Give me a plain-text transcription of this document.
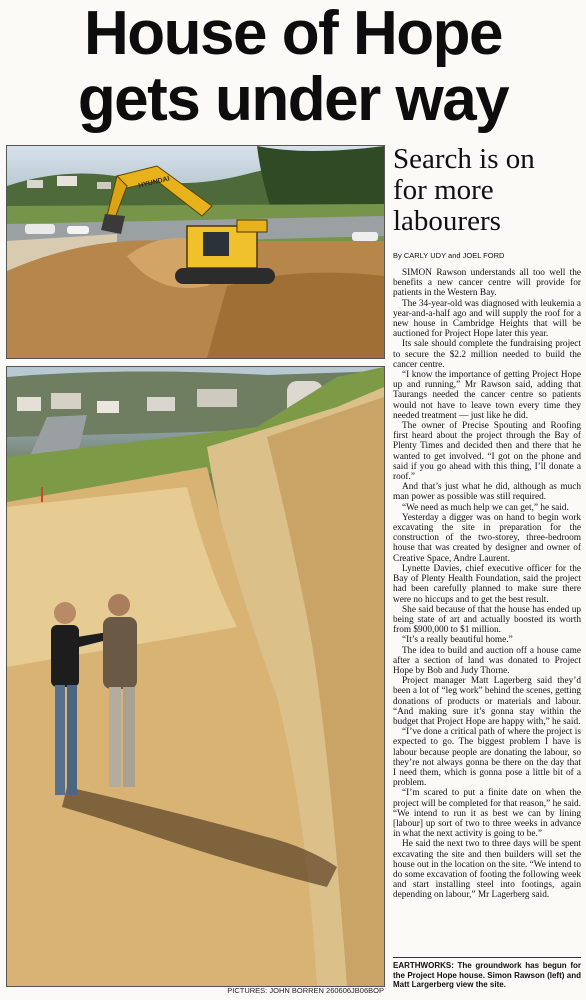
House of Hope
gets under way
HYUNDAI
PICTURES: JOHN BORREN 260606JB06BOP
Search is on
for more
labourers
By CARLY UDY and JOEL FORD

SIMON Rawson understands all too well the benefits a new cancer centre will provide for patients in the Western Bay.

The 34-year-old was diagnosed with leukemia a year-and-a-half ago and will supply the roof for a new house in Cambridge Heights that will be auctioned for Project Hope later this year.

Its sale should complete the fundraising project to secure the $2.2 million needed to build the cancer centre.

“I know the importance of getting Project Hope up and running,” Mr Rawson said, adding that Taurangs needed the cancer centre so patients would not have to leave town every time they needed treatment — just like he did.

The owner of Precise Spouting and Roofing first heard about the project through the Bay of Plenty Times and decided then and there that he wanted to get involved. “I got on the phone and said if you go ahead with this thing, I’ll donate a roof.”

And that’s just what he did, although as much man power as possible was still required.

“We need as much help we can get,” he said.

Yesterday a digger was on hand to begin work excavating the site in preparation for the construction of the two-storey, three-bedroom house that was created by designer and owner of Creative Space, Andre Laurent.

Lynette Davies, chief executive officer for the Bay of Plenty Health Foundation, said the project had been carefully planned to make sure there were no hiccups and to get the best result.

She said because of that the house has ended up being state of art and actually boosted its worth from $900,000 to $1 million.

“It’s a really beautiful home.”

The idea to build and auction off a house came after a section of land was donated to Project Hope by Bob and Judy Thorne.

Project manager Matt Lagerberg said they’d been a lot of “leg work” behind the scenes, getting donations of products or materials and labour. “And making sure it’s gonna stay within the budget that Project Hope are happy with,” he said.

“I’ve done a critical path of where the project is expected to go. The biggest problem I have is labour because people are donating the labour, so they’re not always gonna be there on the day that I need them, which is gonna pose a little bit of a problem.

“I’m scared to put a finite date on when the project will be completed for that reason,” he said. “We intend to run it as best we can by lining [labour] up sort of two to three weeks in advance in what the next activity is going to be.”

He said the next two to three days will be spent excavating the site and then builders will set the house out in the location on the site. “We intend to do some excavation of footing the following week and start installing steel into footings, again depending on labour,” Mr Lagerberg said.

EARTHWORKS: The groundwork has begun for the Project Hope house. Simon Rawson (left) and Matt Largerberg view the site.
